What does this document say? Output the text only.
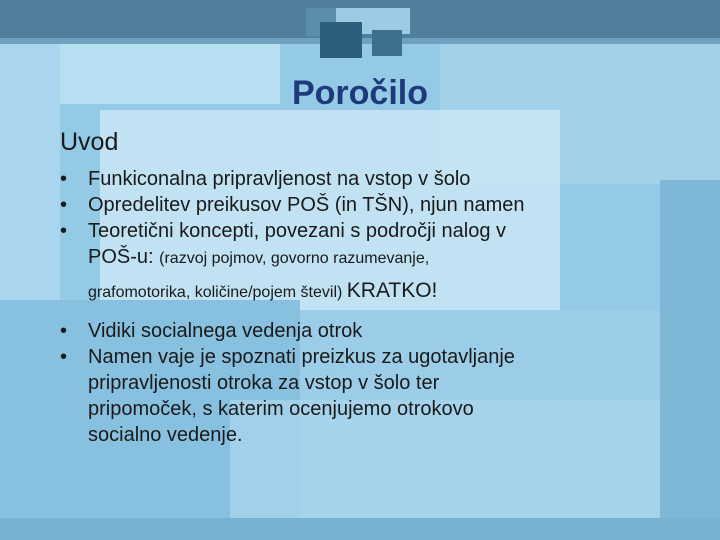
Poročilo
Uvod
•	Funkiconalna pripravljenost na vstop v šolo
•	Opredelitev preikusov POŠ (in TŠN), njun namen
•	Teoretični koncepti, povezani s področji nalog v
POŠ-u: (razvoj pojmov, govorno razumevanje,
grafomotorika, količine/pojem števil) KRATKO!
•	Vidiki socialnega vedenja otrok
•	Namen vaje je spoznati preizkus za ugotavljanje
pripravljenosti otroka za vstop v šolo ter
pripomoček, s katerim ocenjujemo otrokovo
socialno vedenje.
